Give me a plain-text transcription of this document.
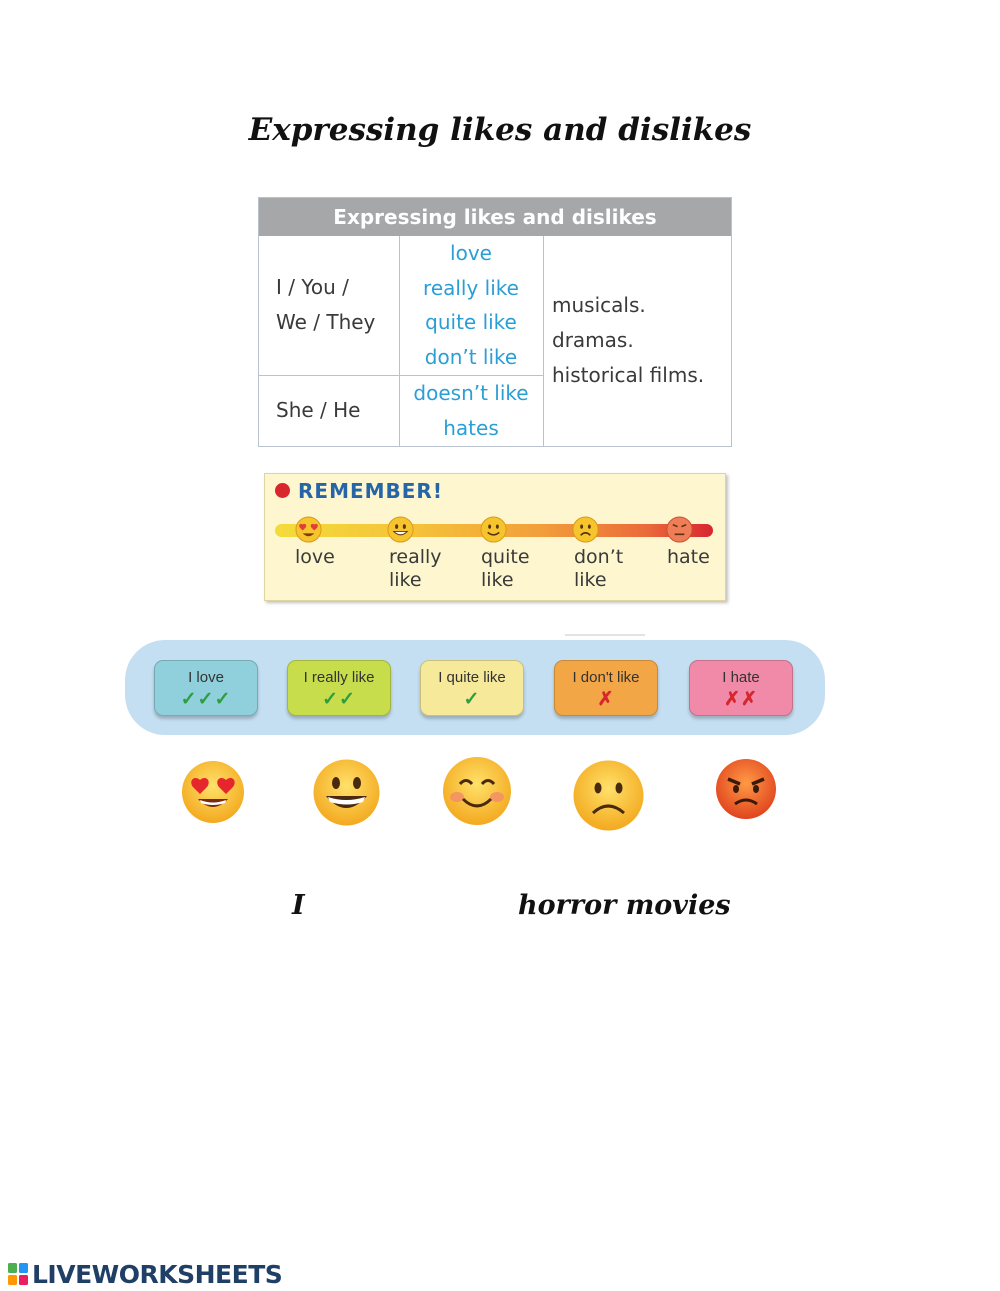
Expressing likes and dislikes
Expressing likes and dislikes
I / You /
We / They
love
really like
quite like
don’t like
She / He
doesn’t like
hates
musicals.
dramas.
historical films.
REMEMBER!
love	really
like
quite
like
don’t
like
hate
I love
✓✓✓
I really like
✓✓
I quite like
✓
I don't like
✗
I hate
✗✗
I	horror movies
LIVEWORKSHEETS
